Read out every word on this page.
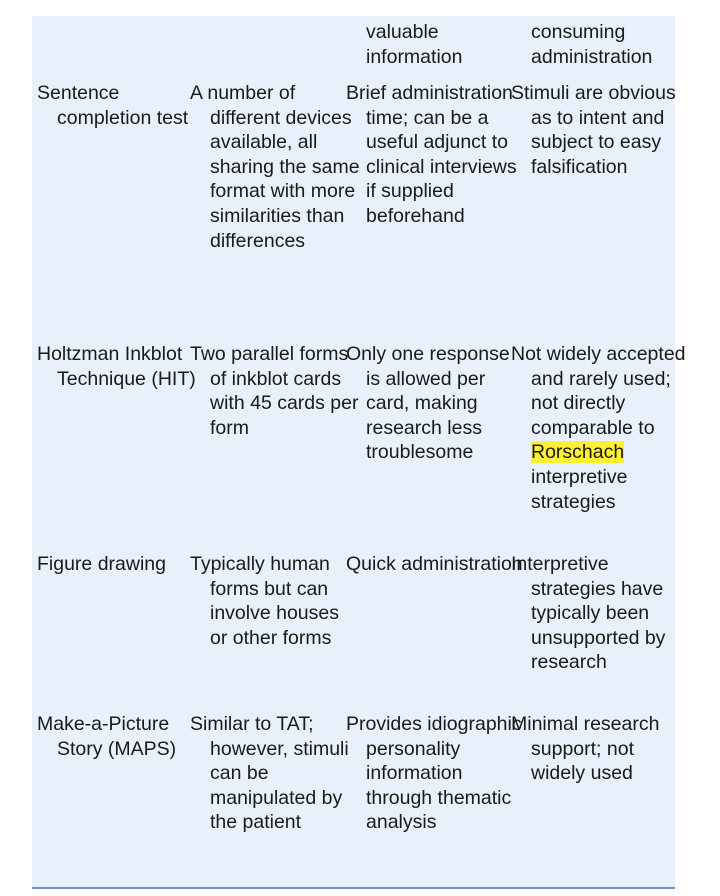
valuable information
consuming administration
Sentence completion test
A number of different devices available, all sharing the same format with more similarities than differences
Brief administration time; can be a useful adjunct to clinical interviews if supplied beforehand
Stimuli are obvious as to intent and subject to easy falsification
Holtzman Inkblot Technique (HIT)
Two parallel forms of inkblot cards with 45 cards per form
Only one response is allowed per card, making research less troublesome
Not widely accepted and rarely used; not directly comparable to Rorschach interpretive strategies
Figure drawing	Typically human forms but can involve houses or other forms
Quick administration
Interpretive strategies have typically been unsupported by research
Make-a-Picture Story (MAPS)
Similar to TAT; however, stimuli can be manipulated by the patient
Provides idiographic personality information through thematic analysis
Minimal research support; not widely used
